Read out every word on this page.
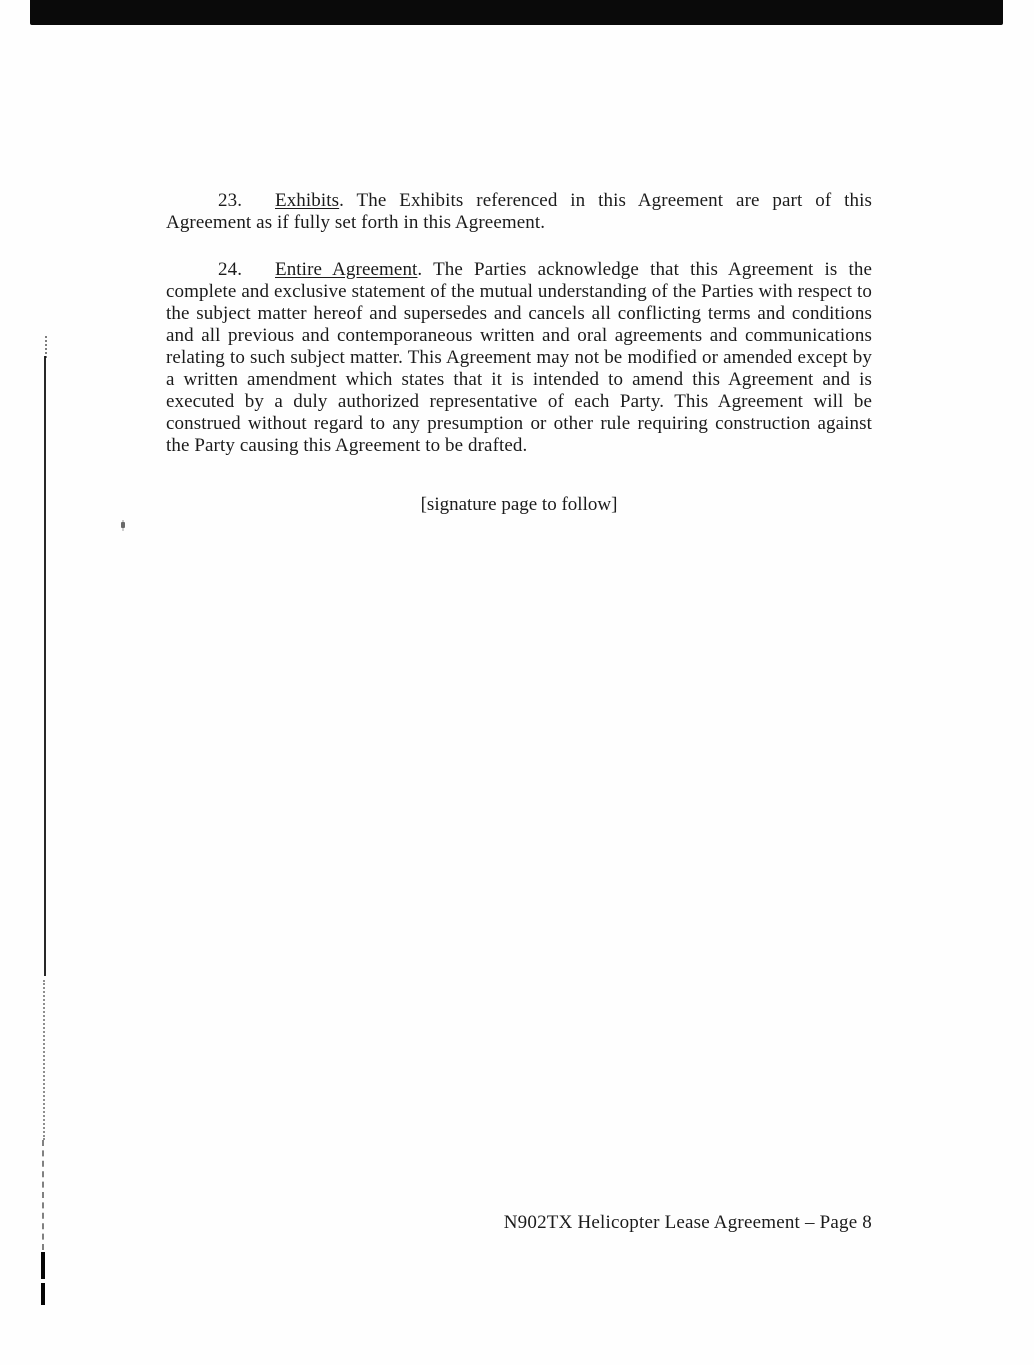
23. Exhibits. The Exhibits referenced in this Agreement are part of this Agreement as if fully set forth in this Agreement.

24. Entire Agreement. The Parties acknowledge that this Agreement is the complete and exclusive statement of the mutual understanding of the Parties with respect to the subject matter hereof and supersedes and cancels all conflicting terms and conditions and all previous and contemporaneous written and oral agreements and communications relating to such subject matter. This Agreement may not be modified or amended except by a written amendment which states that it is intended to amend this Agreement and is executed by a duly authorized representative of each Party. This Agreement will be construed without regard to any presumption or other rule requiring construction against the Party causing this Agreement to be drafted.

[signature page to follow]

N902TX Helicopter Lease Agreement – Page 8
